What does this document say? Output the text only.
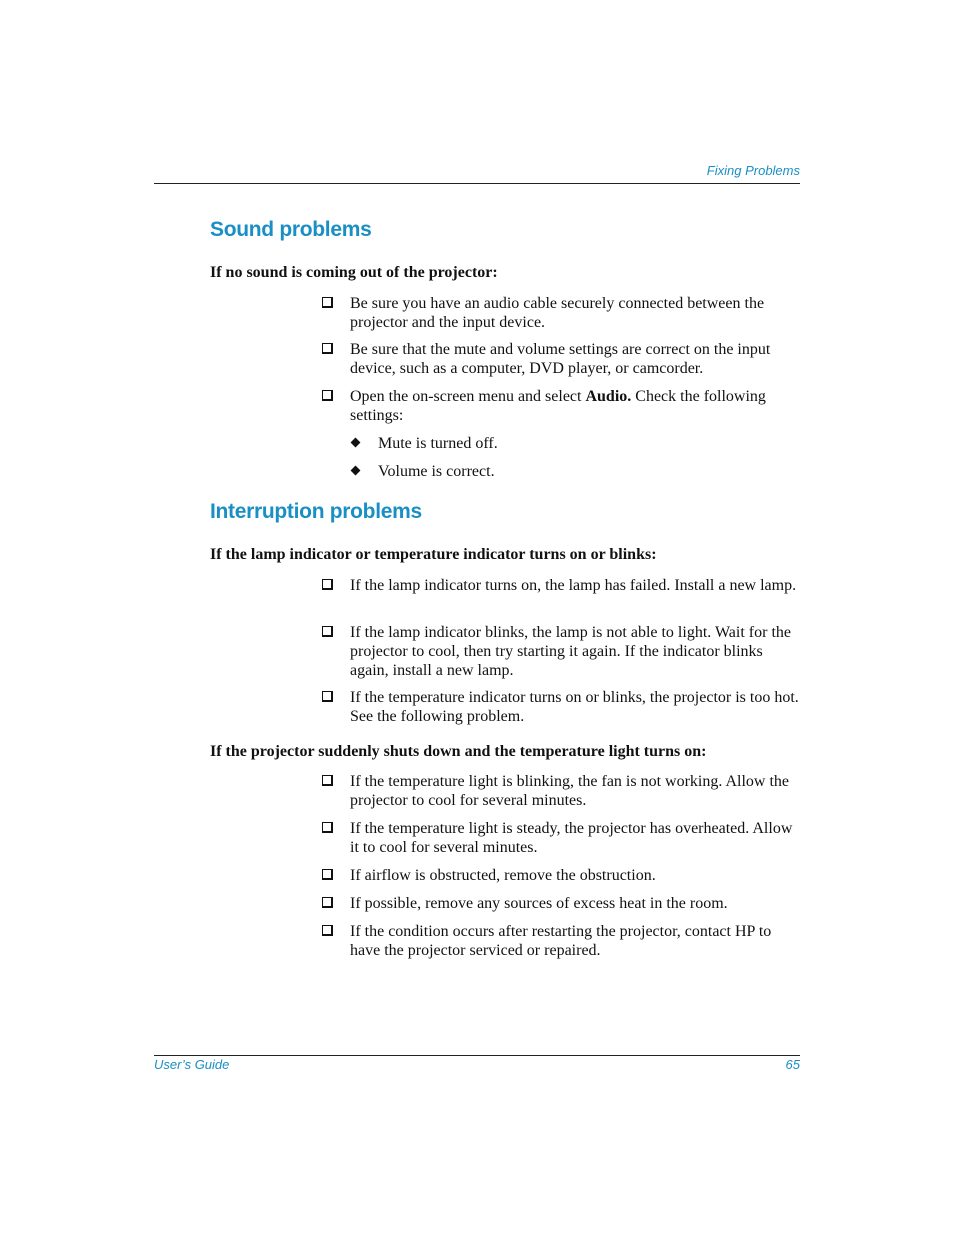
Fixing Problems
Sound problems

If no sound is coming out of the projector:

Be sure you have an audio cable securely connected between the projector and the input device.
Be sure that the mute and volume settings are correct on the input device, such as a computer, DVD player, or camcorder.
Open the on-screen menu and select Audio. Check the following settings:
Mute is turned off.
Volume is correct.
Interruption problems

If the lamp indicator or temperature indicator turns on or blinks:

If the lamp indicator turns on, the lamp has failed. Install a new lamp.
If the lamp indicator blinks, the lamp is not able to light. Wait for the projector to cool, then try starting it again. If the indicator blinks again, install a new lamp.
If the temperature indicator turns on or blinks, the projector is too hot. See the following problem.

If the projector suddenly shuts down and the temperature light turns on:

If the temperature light is blinking, the fan is not working. Allow the projector to cool for several minutes.
If the temperature light is steady, the projector has overheated. Allow it to cool for several minutes.
If airflow is obstructed, remove the obstruction.
If possible, remove any sources of excess heat in the room.
If the condition occurs after restarting the projector, contact HP to have the projector serviced or repaired.
User’s Guide	65
